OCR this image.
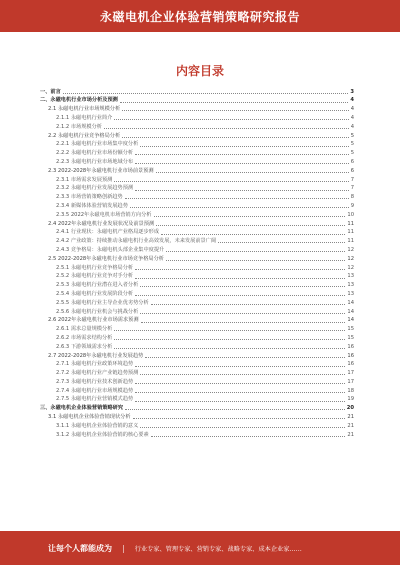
永磁电机企业体验营销策略研究报告
内容目录
一、前言	3
二、永磁电机行业市场分析及预测	4
2.1 永磁电机行业市场规模分析	4
2.1.1 永磁电机行业简介	4
2.1.2 市场规模分析	4
2.2 永磁电机行业竞争格局分析	5
2.2.1 永磁电机行业市场集中度分析	5
2.2.2 永磁电机行业市场份额分析	5
2.2.3 永磁电机行业市场地域分布	6
2.3 2022-2028年永磁电机行业市场前景预测	6
2.3.1 市场需求发展预测	7
2.3.2 永磁电机行业发展趋势预测	7
2.3.3 市场营销策略创新趋势	8
2.3.4 新媒体体验营销发展趋势	9
2.3.5 2022年永磁电机市场营销方向分析	10
2.4 2022年永磁电机行业发展状况及前景预测	11
2.4.1 行业现状：永磁电机产业格局逐步形成	11
2.4.2 产业政策：持续推动永磁电机行业高效发展，未来发展前景广阔	11
2.4.3 竞争格局：永磁电机头部企业集中度提升	12
2.5 2022-2028年永磁电机行业市场竞争格局分析	12
2.5.1 永磁电机行业竞争格局分析	12
2.5.2 永磁电机行业竞争对手分析	13
2.5.3 永磁电机行业潜在进入者分析	13
2.5.4 永磁电机行业发展阶段分析	13
2.5.5 永磁电机行业主导企业优劣势分析	14
2.5.6 永磁电机行业机会与挑战分析	14
2.6 2022年永磁电机行业市场需求预测	14
2.6.1 需求总量规模分析	15
2.6.2 市场需求结构分析	15
2.6.3 下游领域需求分析	16
2.7 2022-2028年永磁电机行业发展趋势	16
2.7.1 永磁电机行业政策环境趋势	16
2.7.2 永磁电机行业产业链趋势预测	17
2.7.3 永磁电机行业技术创新趋势	17
2.7.4 永磁电机行业市场规模趋势	18
2.7.5 永磁电机行业营销模式趋势	19
三、永磁电机企业体验营销策略研究	20
3.1 永磁电机企业体验营销现状分析	21
3.1.1 永磁电机企业体验营销的意义	21
3.1.2 永磁电机企业体验营销的核心要素	21
让每个人都能成为 | 行业专家、管理专家、营销专家、战略专家、成本企业家……
